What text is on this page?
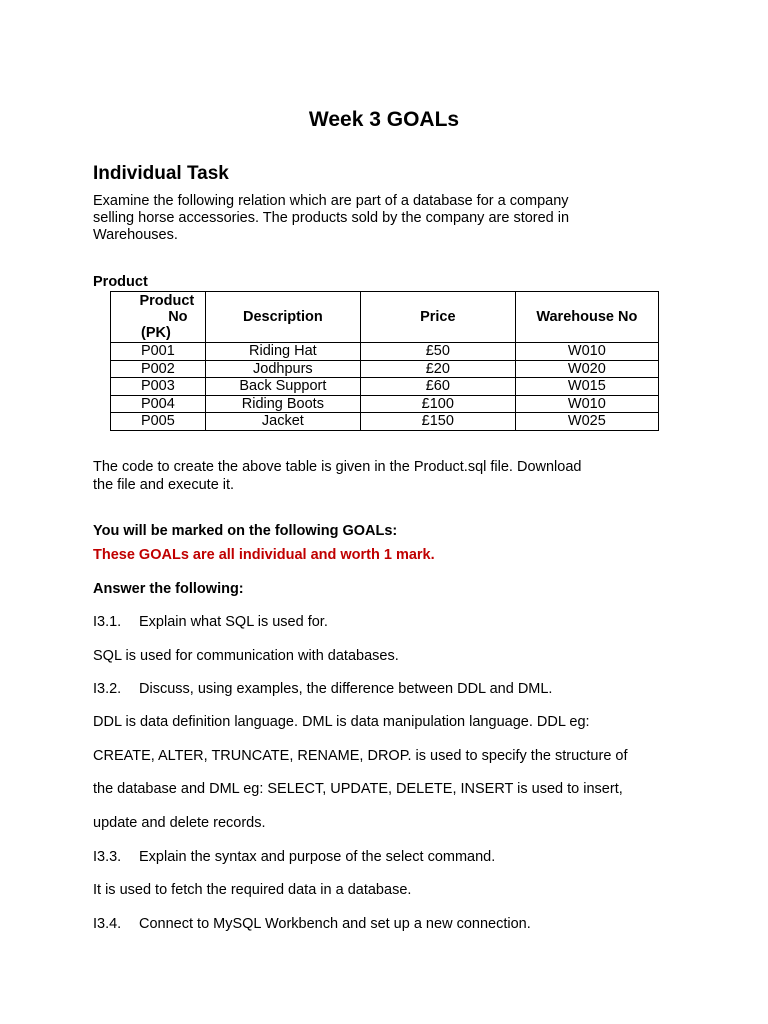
Week 3 GOALs
Individual Task
Examine the following relation which are part of a database for a company
selling horse accessories. The products sold by the company are stored in
Warehouses.
Product
Product
No
(PK)	Description	Price	Warehouse No
P001	Riding Hat	£50	W010
P002	Jodhpurs	£20	W020
P003	Back Support	£60	W015
P004	Riding Boots	£100	W010
P005	Jacket	£150	W025
The code to create the above table is given in the Product.sql file. Download
the file and execute it.
You will be marked on the following GOALs:
These GOALs are all individual and worth 1 mark.
Answer the following:
I3.1. Explain what SQL is used for.
SQL is used for communication with databases.
I3.2. Discuss, using examples, the difference between DDL and DML.
DDL is data definition language. DML is data manipulation language. DDL eg:
CREATE, ALTER, TRUNCATE, RENAME, DROP. is used to specify the structure of
the database and DML eg: SELECT, UPDATE, DELETE, INSERT is used to insert,
update and delete records.
I3.3. Explain the syntax and purpose of the select command.
It is used to fetch the required data in a database.
I3.4. Connect to MySQL Workbench and set up a new connection.
